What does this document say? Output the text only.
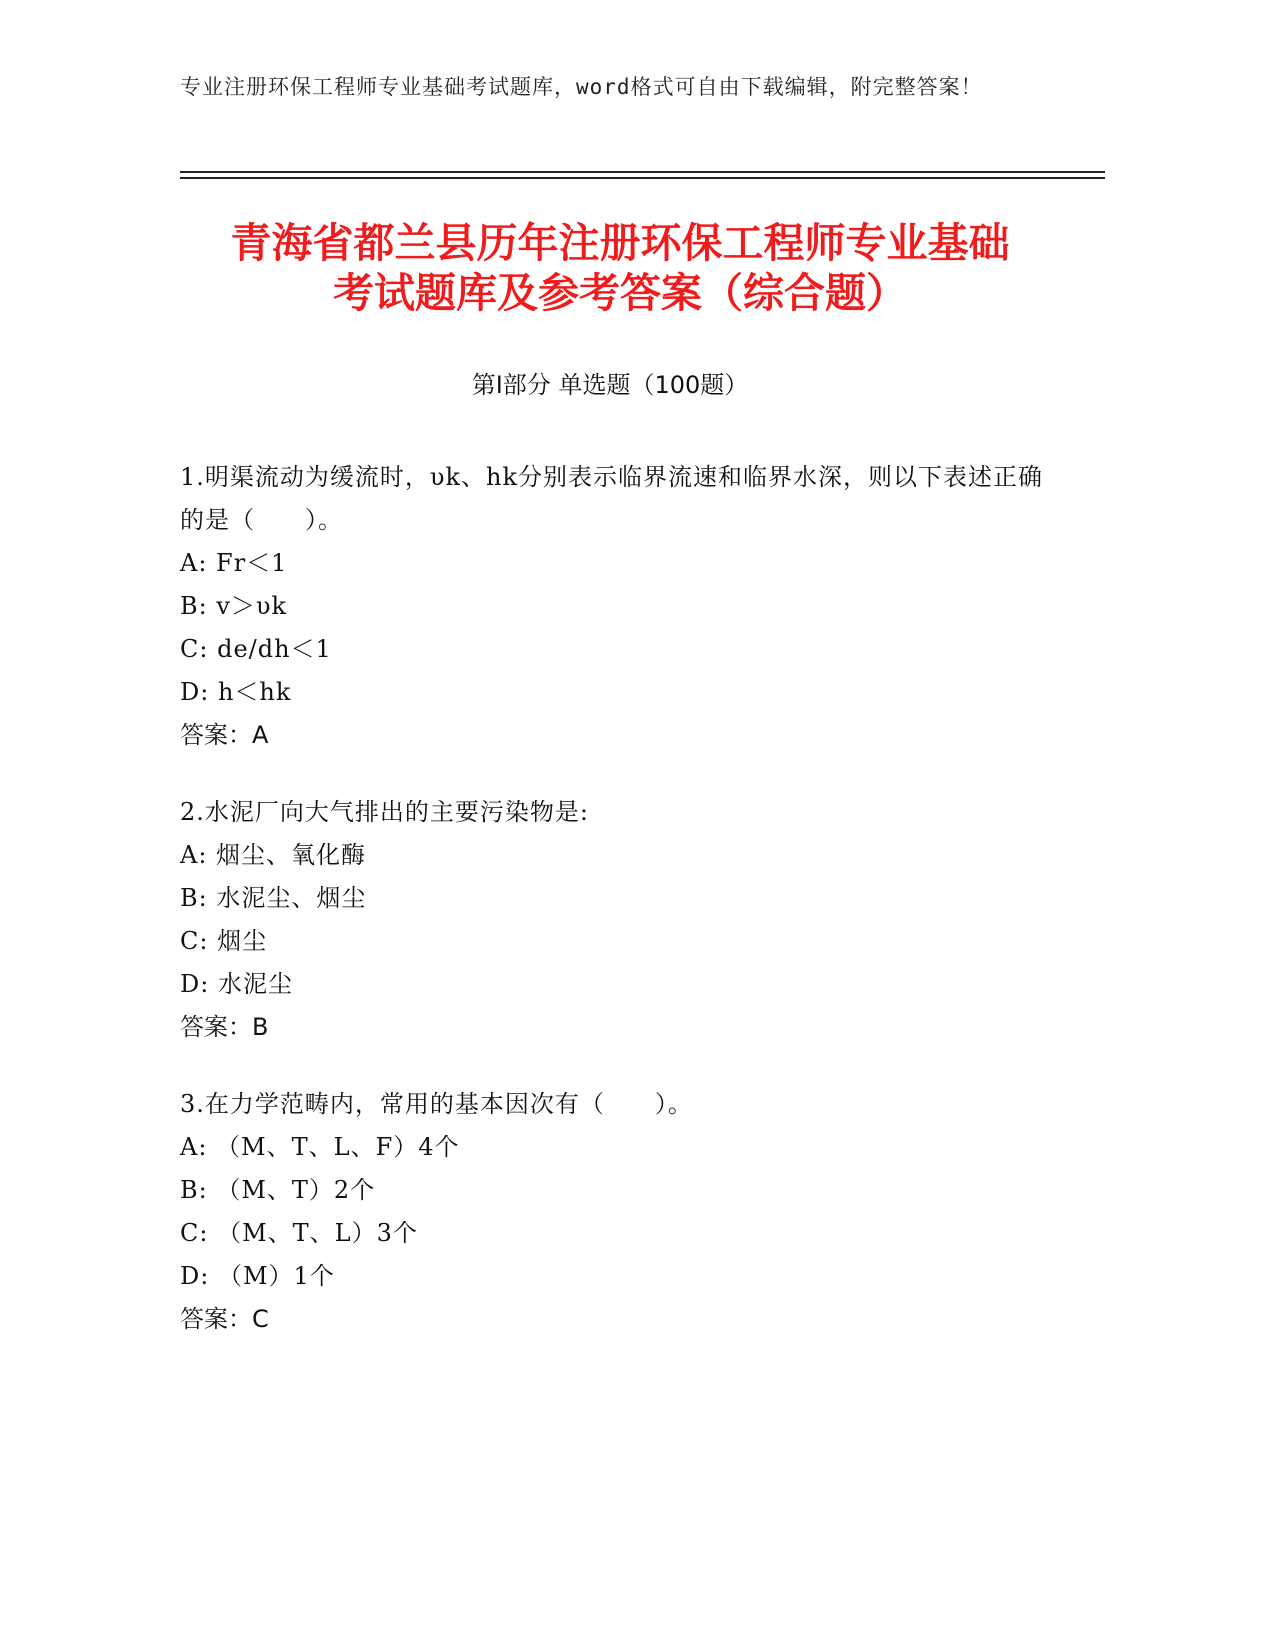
专业注册环保工程师专业基础考试题库，word格式可自由下载编辑，附完整答案！
青海省都兰县历年注册环保工程师专业基础
考试题库及参考答案（综合题）
第Ⅰ部分 单选题（100题）
1.明渠流动为缓流时，υk、hk分别表示临界流速和临界水深，则以下表述正确的是（　　）。
A: Fr＜1
B: v＞υk
C: de/dh＜1
D: h＜hk
答案：A
2.水泥厂向大气排出的主要污染物是:
A: 烟尘、氧化酶
B: 水泥尘、烟尘
C: 烟尘
D: 水泥尘
答案：B
3.在力学范畴内，常用的基本因次有（　　）。
A: （M、T、L、F）4个
B: （M、T）2个
C: （M、T、L）3个
D: （M）1个
答案：C
